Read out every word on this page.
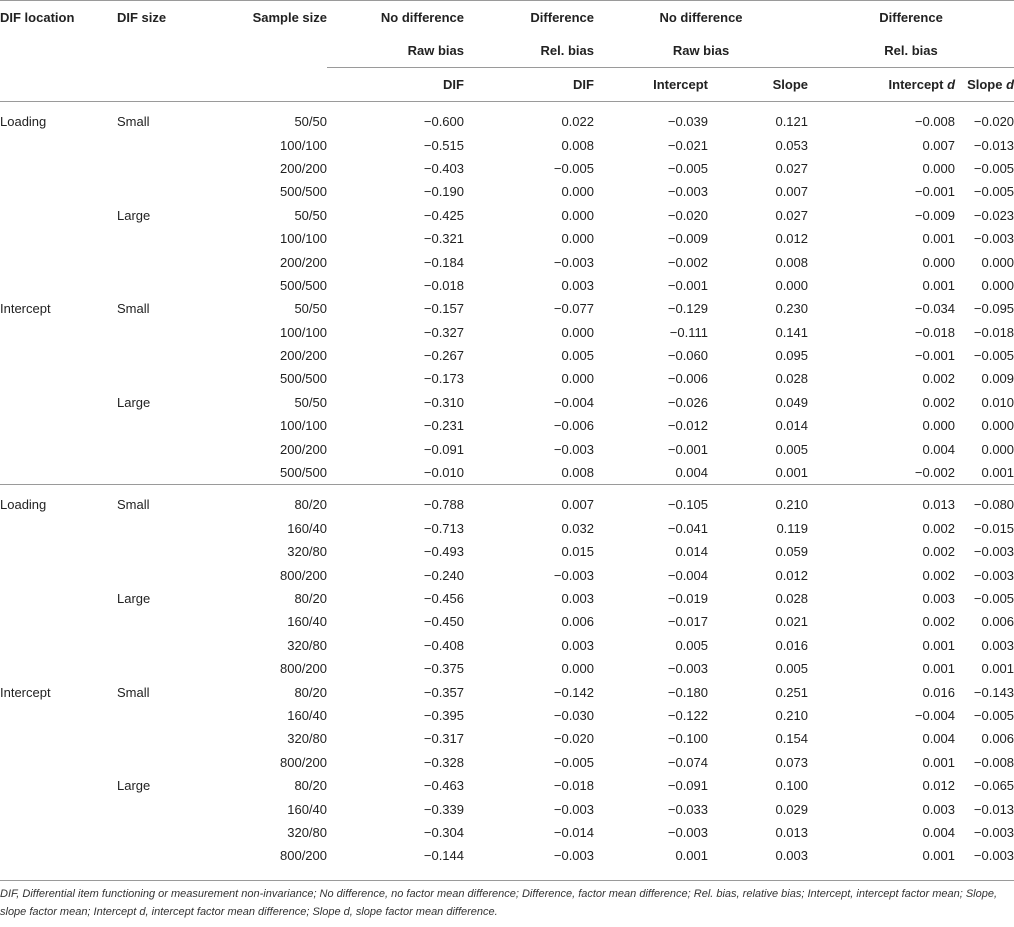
DIF location	DIF size	Sample size	No difference	Difference	No difference		Difference	
			Raw bias	Rel. bias	Raw bias		Rel. bias	
			DIF	DIF	Intercept	Slope	Intercept d	Slope d

Loading	Small	50/50	−0.600	0.022	−0.039	0.121	−0.008	−0.020
		100/100	−0.515	0.008	−0.021	0.053	0.007	−0.013
		200/200	−0.403	−0.005	−0.005	0.027	0.000	−0.005
		500/500	−0.190	0.000	−0.003	0.007	−0.001	−0.005
	Large	50/50	−0.425	0.000	−0.020	0.027	−0.009	−0.023
		100/100	−0.321	0.000	−0.009	0.012	0.001	−0.003
		200/200	−0.184	−0.003	−0.002	0.008	0.000	0.000
		500/500	−0.018	0.003	−0.001	0.000	0.001	0.000
Intercept	Small	50/50	−0.157	−0.077	−0.129	0.230	−0.034	−0.095
		100/100	−0.327	0.000	−0.111	0.141	−0.018	−0.018
		200/200	−0.267	0.005	−0.060	0.095	−0.001	−0.005
		500/500	−0.173	0.000	−0.006	0.028	0.002	0.009
	Large	50/50	−0.310	−0.004	−0.026	0.049	0.002	0.010
		100/100	−0.231	−0.006	−0.012	0.014	0.000	0.000
		200/200	−0.091	−0.003	−0.001	0.005	0.004	0.000
		500/500	−0.010	0.008	0.004	0.001	−0.002	0.001

Loading	Small	80/20	−0.788	0.007	−0.105	0.210	0.013	−0.080
		160/40	−0.713	0.032	−0.041	0.119	0.002	−0.015
		320/80	−0.493	0.015	0.014	0.059	0.002	−0.003
		800/200	−0.240	−0.003	−0.004	0.012	0.002	−0.003
	Large	80/20	−0.456	0.003	−0.019	0.028	0.003	−0.005
		160/40	−0.450	0.006	−0.017	0.021	0.002	0.006
		320/80	−0.408	0.003	0.005	0.016	0.001	0.003
		800/200	−0.375	0.000	−0.003	0.005	0.001	0.001
Intercept	Small	80/20	−0.357	−0.142	−0.180	0.251	0.016	−0.143
		160/40	−0.395	−0.030	−0.122	0.210	−0.004	−0.005
		320/80	−0.317	−0.020	−0.100	0.154	0.004	0.006
		800/200	−0.328	−0.005	−0.074	0.073	0.001	−0.008
	Large	80/20	−0.463	−0.018	−0.091	0.100	0.012	−0.065
		160/40	−0.339	−0.003	−0.033	0.029	0.003	−0.013
		320/80	−0.304	−0.014	−0.003	0.013	0.004	−0.003
		800/200	−0.144	−0.003	0.001	0.003	0.001	−0.003
DIF, Differential item functioning or measurement non-invariance; No difference, no factor mean difference; Difference, factor mean difference; Rel. bias, relative bias; Intercept, intercept factor mean; Slope, slope factor mean; Intercept d, intercept factor mean difference; Slope d, slope factor mean difference.
